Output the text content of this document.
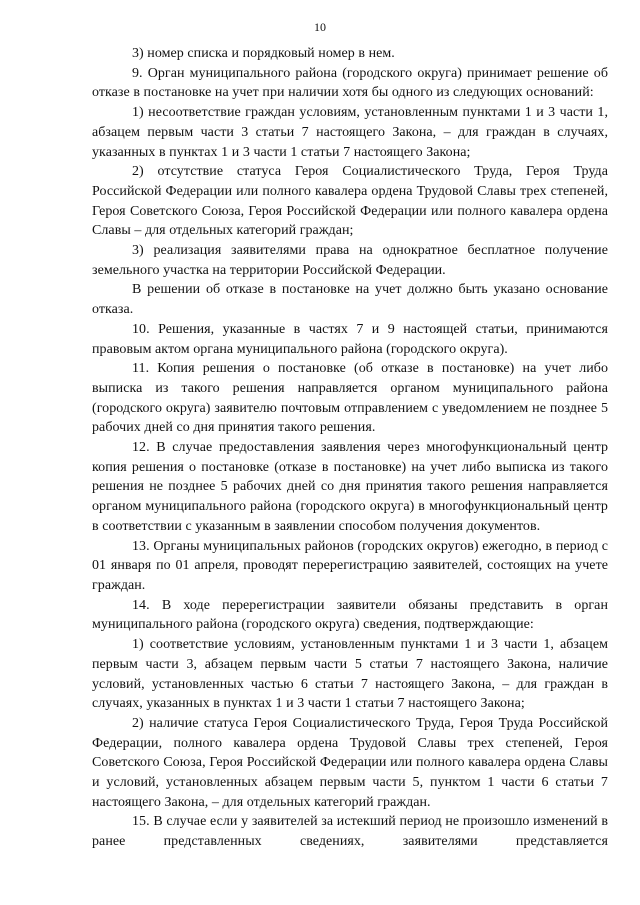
10

3) номер списка и порядковый номер в нем.

9. Орган муниципального района (городского округа) принимает решение об отказе в постановке на учет при наличии хотя бы одного из следующих оснований:

1) несоответствие граждан условиям, установленным пунктами 1 и 3 части 1, абзацем первым части 3 статьи 7 настоящего Закона, – для граждан в случаях, указанных в пунктах 1 и 3 части 1 статьи 7 настоящего Закона;

2) отсутствие статуса Героя Социалистического Труда, Героя Труда Российской Федерации или полного кавалера ордена Трудовой Славы трех степеней, Героя Советского Союза, Героя Российской Федерации или полного кавалера ордена Славы – для отдельных категорий граждан;

3) реализация заявителями права на однократное бесплатное получение земельного участка на территории Российской Федерации.

В решении об отказе в постановке на учет должно быть указано основание отказа.

10. Решения, указанные в частях 7 и 9 настоящей статьи, принимаются правовым актом органа муниципального района (городского округа).

11. Копия решения о постановке (об отказе в постановке) на учет либо выписка из такого решения направляется органом муниципального района (городского округа) заявителю почтовым отправлением с уведомлением не позднее 5 рабочих дней со дня принятия такого решения.

12. В случае предоставления заявления через многофункциональный центр копия решения о постановке (отказе в постановке) на учет либо выписка из такого решения не позднее 5 рабочих дней со дня принятия такого решения направляется органом муниципального района (городского округа) в многофункциональный центр в соответствии с указанным в заявлении способом получения документов.

13. Органы муниципальных районов (городских округов) ежегодно, в период с 01 января по 01 апреля, проводят перерегистрацию заявителей, состоящих на учете граждан.

14. В ходе перерегистрации заявители обязаны представить в орган муниципального района (городского округа) сведения, подтверждающие:

1) соответствие условиям, установленным пунктами 1 и 3 части 1, абзацем первым части 3, абзацем первым части 5 статьи 7 настоящего Закона, наличие условий, установленных частью 6 статьи 7 настоящего Закона, – для граждан в случаях, указанных в пунктах 1 и 3 части 1 статьи 7 настоящего Закона;

2) наличие статуса Героя Социалистического Труда, Героя Труда Российской Федерации, полного кавалера ордена Трудовой Славы трех степеней, Героя Советского Союза, Героя Российской Федерации или полного кавалера ордена Славы и условий, установленных абзацем первым части 5, пунктом 1 части 6 статьи 7 настоящего Закона, – для отдельных категорий граждан.

15. В случае если у заявителей за истекший период не произошло изменений в ранее представленных сведениях, заявителями представляется
